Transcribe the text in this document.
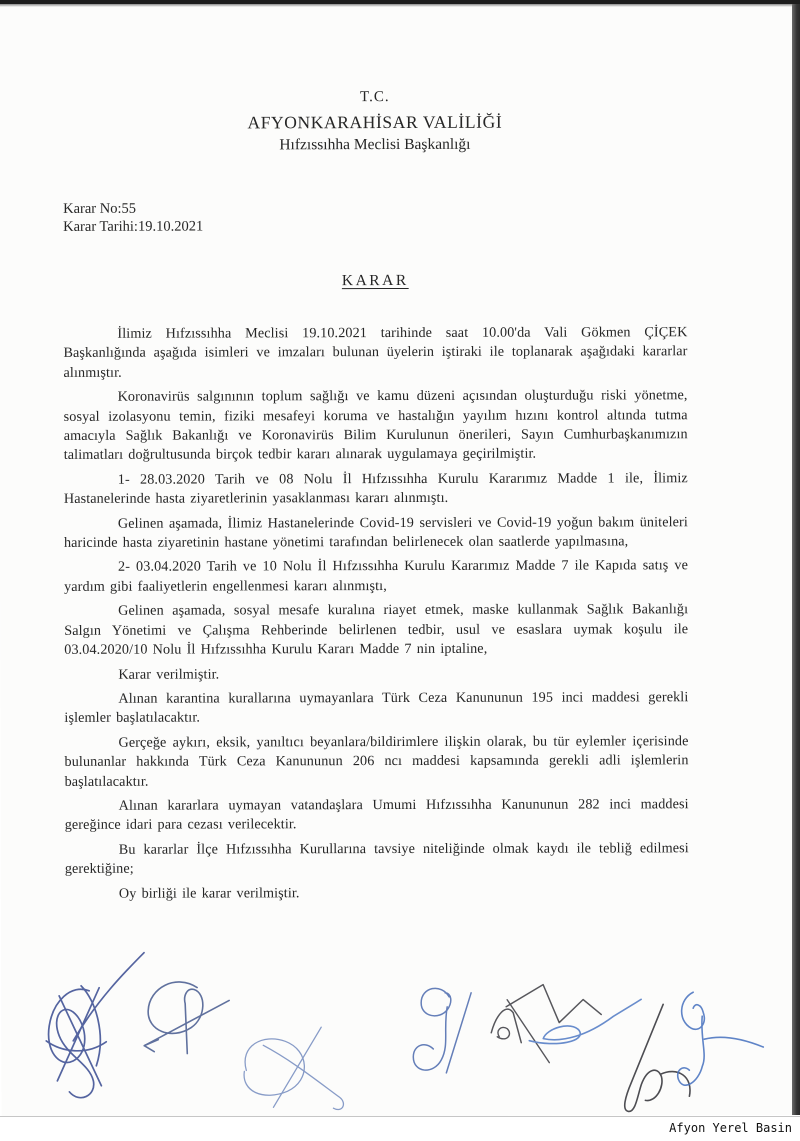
T.C.
AFYONKARAHİSAR VALİLİĞİ
Hıfzıssıhha Meclisi Başkanlığı
Karar No:55
Karar Tarihi:19.10.2021
KARAR

İlimiz Hıfzıssıhha Meclisi 19.10.2021 tarihinde saat 10.00'da Vali Gökmen ÇİÇEK Başkanlığında aşağıda isimleri ve imzaları bulunan üyelerin iştiraki ile toplanarak aşağıdaki kararlar alınmıştır.

Koronavirüs salgınının toplum sağlığı ve kamu düzeni açısından oluşturduğu riski yönetme, sosyal izolasyonu temin, fiziki mesafeyi koruma ve hastalığın yayılım hızını kontrol altında tutma amacıyla Sağlık Bakanlığı ve Koronavirüs Bilim Kurulunun önerileri, Sayın Cumhurbaşkanımızın talimatları doğrultusunda birçok tedbir kararı alınarak uygulamaya geçirilmiştir.

1- 28.03.2020 Tarih ve 08 Nolu İl Hıfzıssıhha Kurulu Kararımız Madde 1 ile, İlimiz Hastanelerinde hasta ziyaretlerinin yasaklanması kararı alınmıştı.

Gelinen aşamada, İlimiz Hastanelerinde Covid-19 servisleri ve Covid-19 yoğun bakım üniteleri haricinde hasta ziyaretinin hastane yönetimi tarafından belirlenecek olan saatlerde yapılmasına,

2- 03.04.2020 Tarih ve 10 Nolu İl Hıfzıssıhha Kurulu Kararımız Madde 7 ile Kapıda satış ve yardım gibi faaliyetlerin engellenmesi kararı alınmıştı,

Gelinen aşamada, sosyal mesafe kuralına riayet etmek, maske kullanmak Sağlık Bakanlığı Salgın Yönetimi ve Çalışma Rehberinde belirlenen tedbir, usul ve esaslara uymak koşulu ile 03.04.2020/10 Nolu İl Hıfzıssıhha Kurulu Kararı Madde 7 nin iptaline,

Karar verilmiştir.

Alınan karantina kurallarına uymayanlara Türk Ceza Kanununun 195 inci maddesi gerekli işlemler başlatılacaktır.

Gerçeğe aykırı, eksik, yanıltıcı beyanlara/bildirimlere ilişkin olarak, bu tür eylemler içerisinde bulunanlar hakkında Türk Ceza Kanununun 206 ncı maddesi kapsamında gerekli adli işlemlerin başlatılacaktır.

Alınan kararlara uymayan vatandaşlara Umumi Hıfzıssıhha Kanununun 282 inci maddesi gereğince idari para cezası verilecektir.

Bu kararlar İlçe Hıfzıssıhha Kurullarına tavsiye niteliğinde olmak kaydı ile tebliğ edilmesi gerektiğine;

Oy birliği ile karar verilmiştir.

Afyon Yerel Basin
